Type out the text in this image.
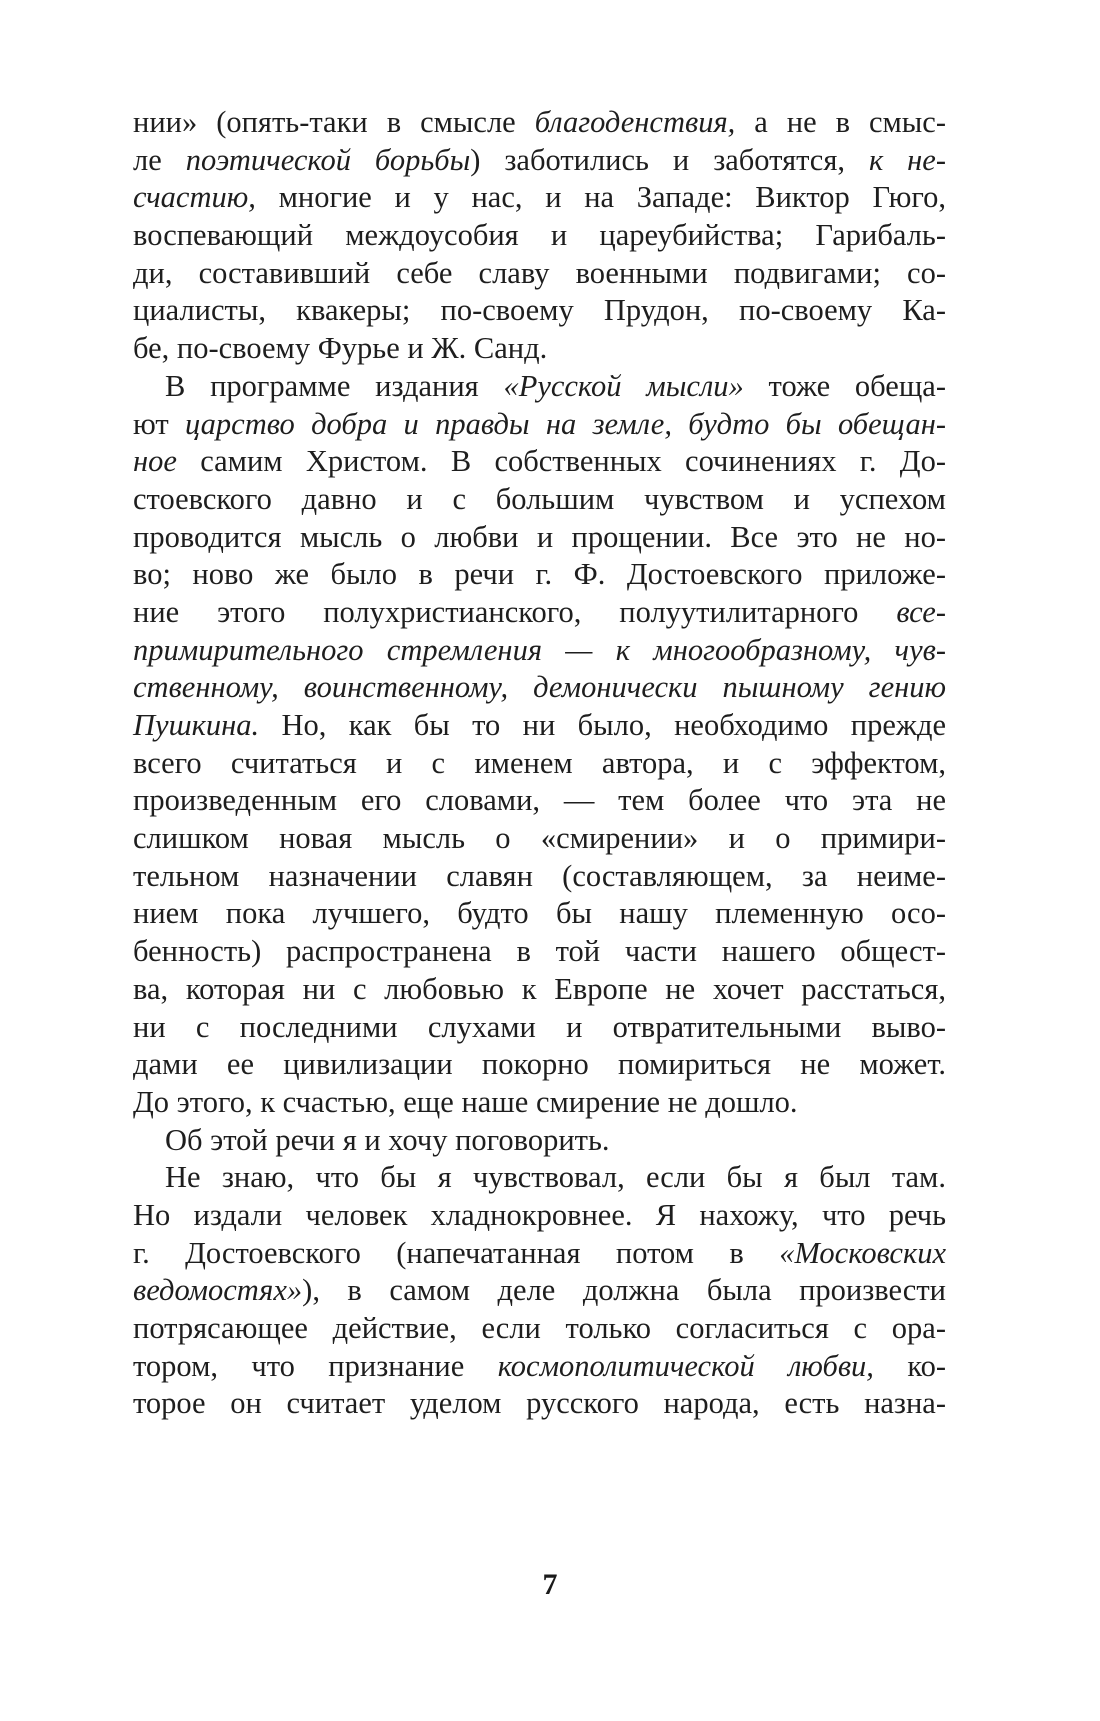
нии» (опять-таки в смысле благоденствия, а не в смыс-
ле поэтической борьбы) заботились и заботятся, к не-
счастию, многие и у нас, и на Западе: Виктор Гюго,
воспевающий междоусобия и цареубийства; Гарибаль-
ди, составивший себе славу военными подвигами; со-
циалисты, квакеры; по-своему Прудон, по-своему Ка-
бе, по-своему Фурье и Ж. Санд.
В программе издания «Русской мысли» тоже обеща-
ют царство добра и правды на земле, будто бы обещан-
ное самим Христом. В собственных сочинениях г. До-
стоевского давно и с большим чувством и успехом
проводится мысль о любви и прощении. Все это не но-
во; ново же было в речи г. Ф. Достоевского приложе-
ние этого полухристианского, полуутилитарного все-
примирительного стремления — к многообразному, чув-
ственному, воинственному, демонически пышному гению
Пушкина. Но, как бы то ни было, необходимо прежде
всего считаться и с именем автора, и с эффектом,
произведенным его словами, — тем более что эта не
слишком новая мысль о «смирении» и о примири-
тельном назначении славян (составляющем, за неиме-
нием пока лучшего, будто бы нашу племенную осо-
бенность) распространена в той части нашего общест-
ва, которая ни с любовью к Европе не хочет расстаться,
ни с последними слухами и отвратительными выво-
дами ее цивилизации покорно помириться не может.
До этого, к счастью, еще наше смирение не дошло.
Об этой речи я и хочу поговорить.
Не знаю, что бы я чувствовал, если бы я был там.
Но издали человек хладнокровнее. Я нахожу, что речь
г. Достоевского (напечатанная потом в «Московских
ведомостях»), в самом деле должна была произвести
потрясающее действие, если только согласиться с ора-
тором, что признание космополитической любви, ко-
торое он считает уделом русского народа, есть назна-
7
